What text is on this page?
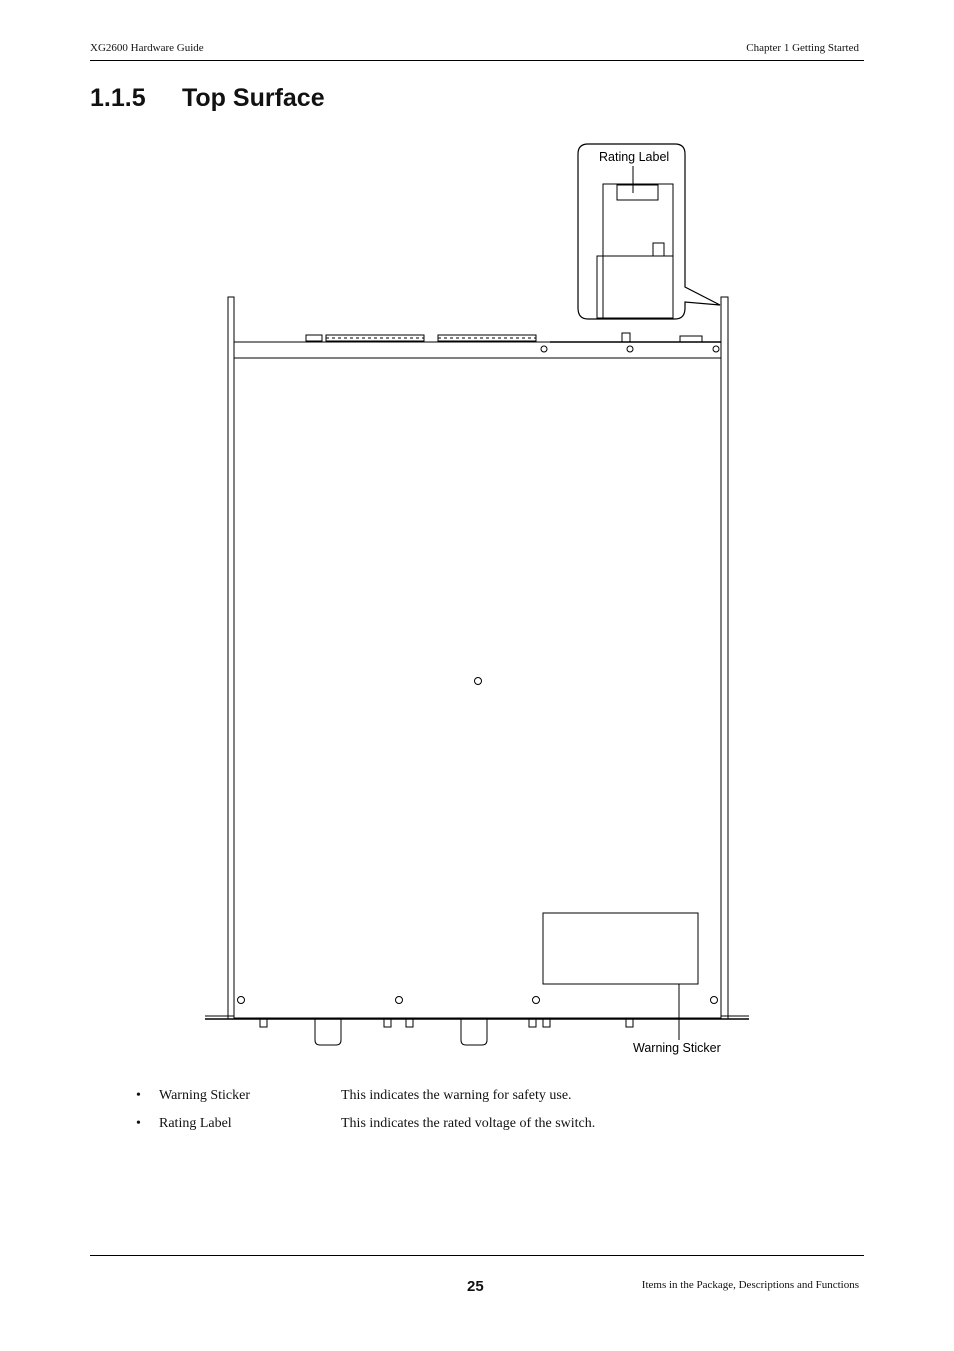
XG2600 Hardware Guide	Chapter 1 Getting Started
1.1.5 Top Surface
Rating Label
Warning Sticker
• Warning Sticker	This indicates the warning for safety use.
• Rating Label	This indicates the rated voltage of the switch.
25	Items in the Package, Descriptions and Functions
